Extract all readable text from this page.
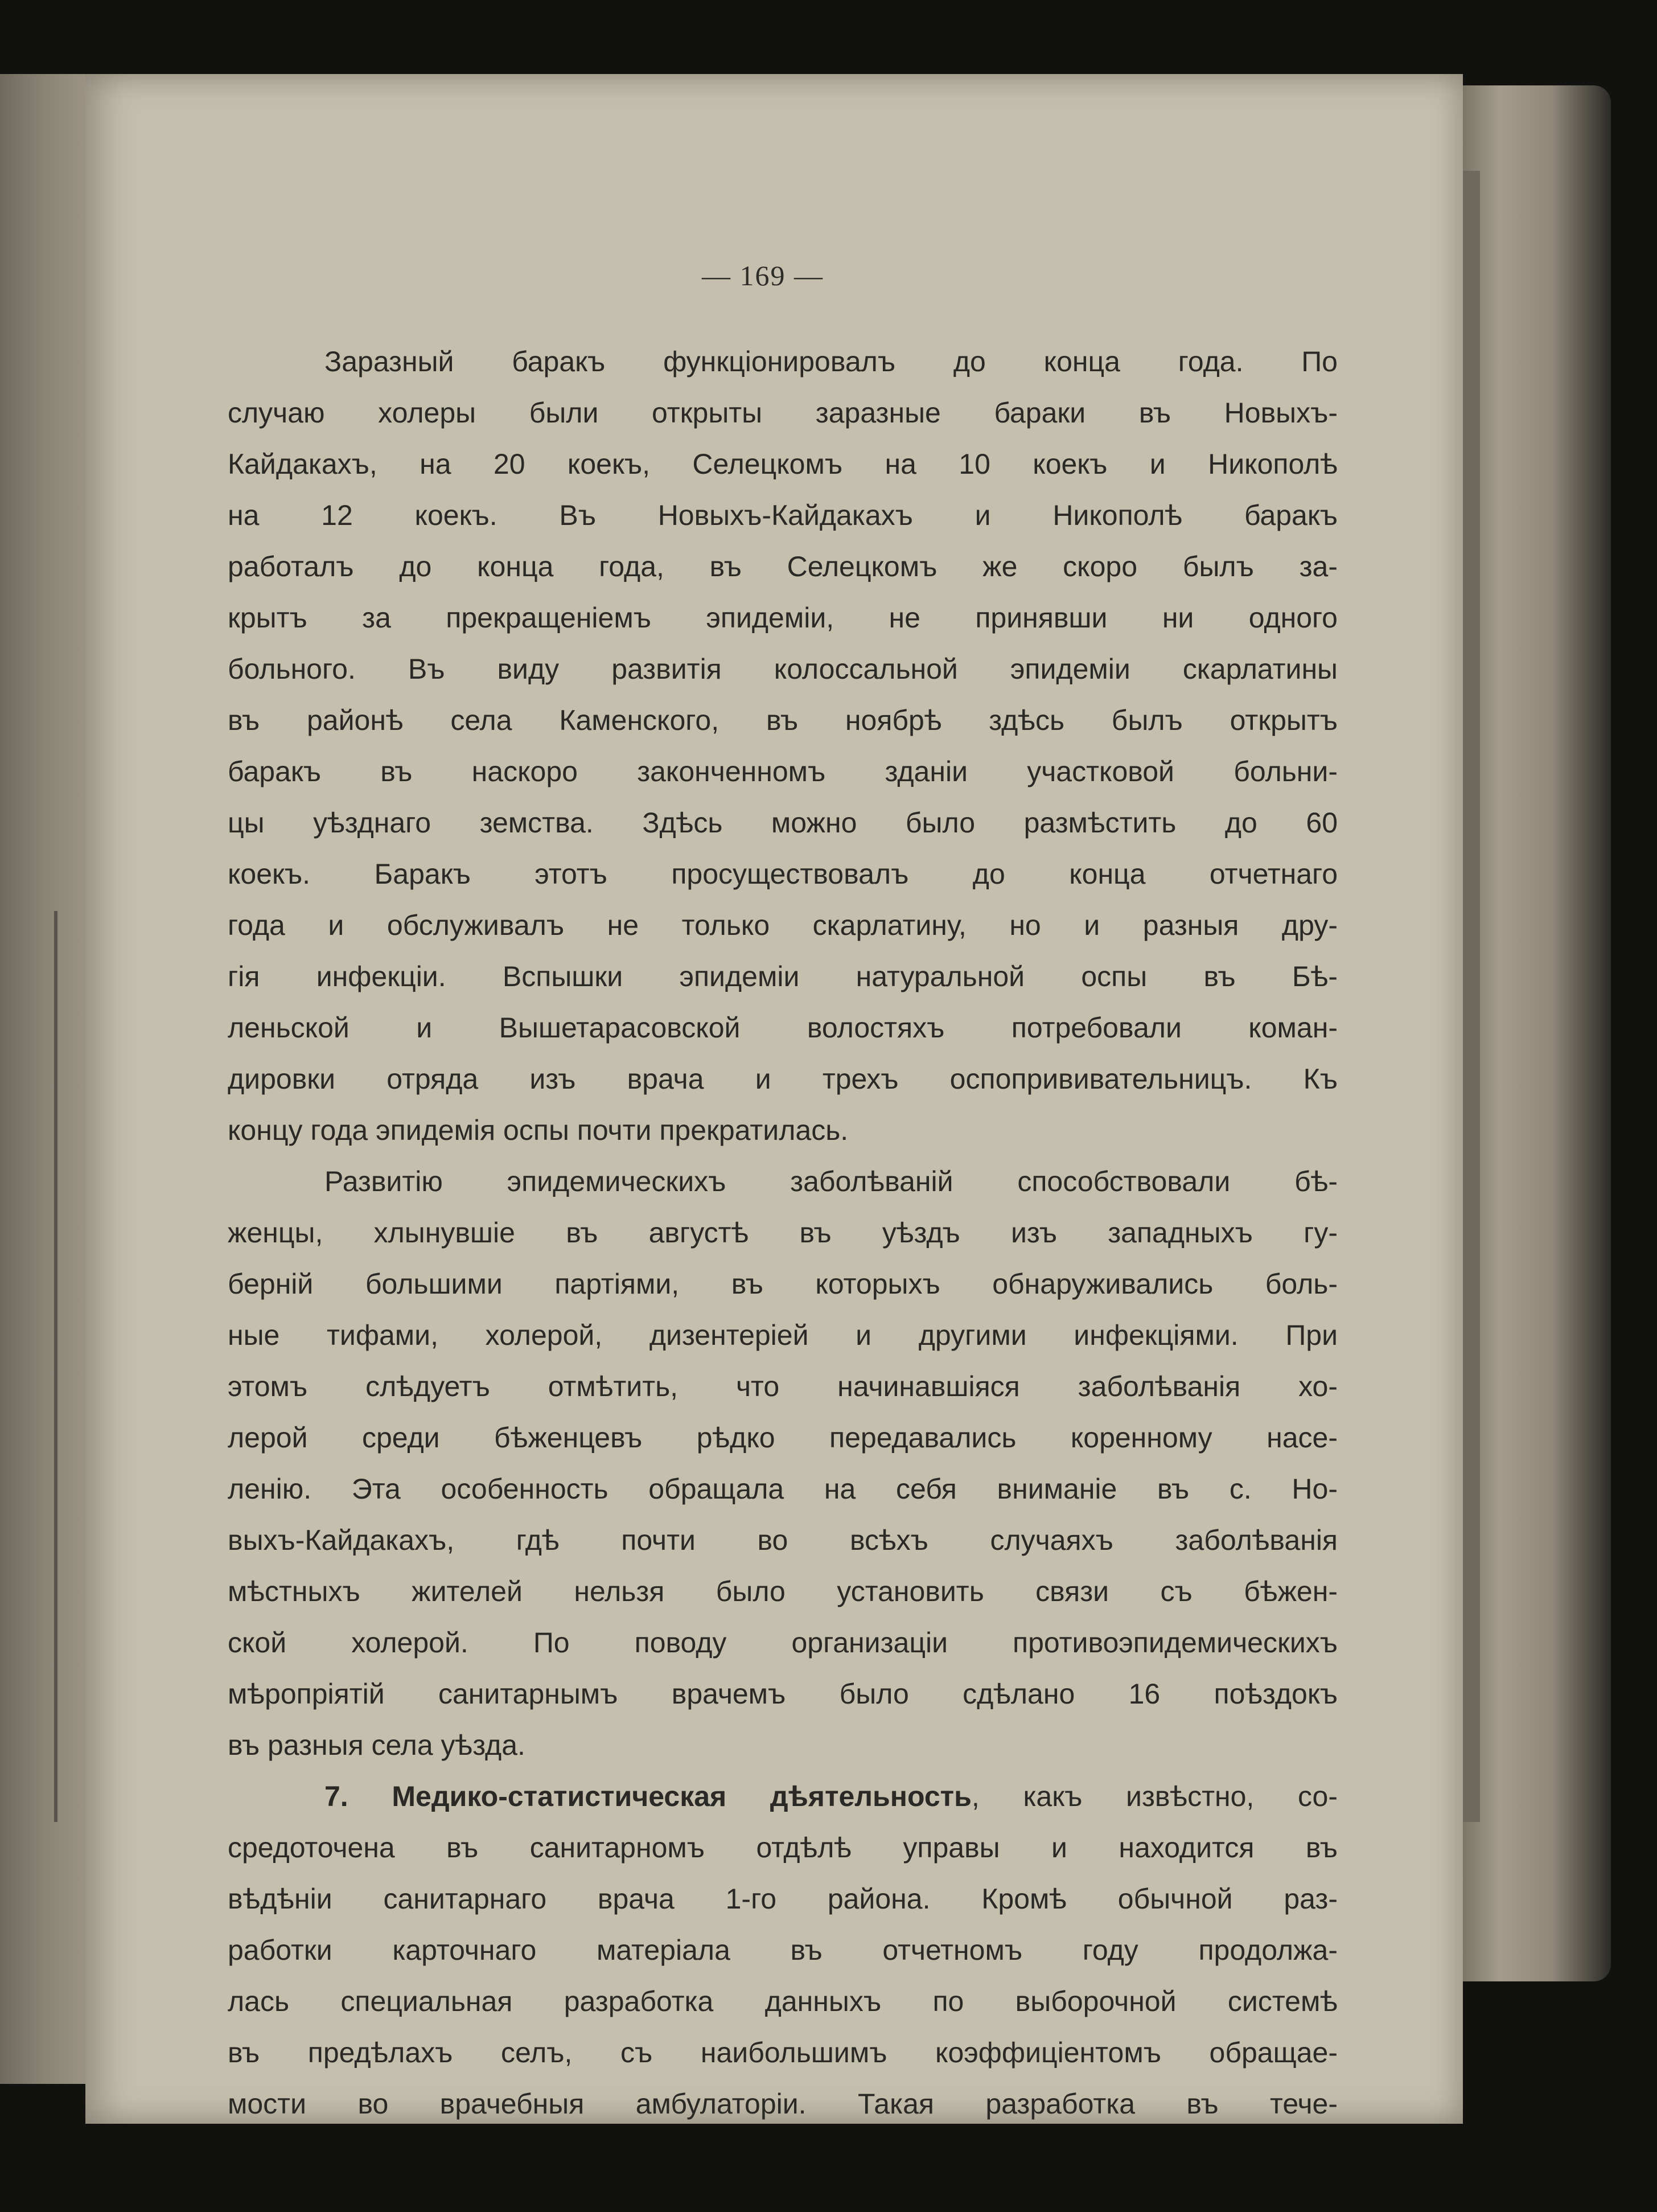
— 169 —
Заразный баракъ функціонировалъ до конца года. По
случаю холеры были открыты заразные бараки въ Новыхъ-
Кайдакахъ, на 20 коекъ, Селецкомъ на 10 коекъ и Никополѣ
на 12 коекъ. Въ Новыхъ-Кайдакахъ и Никополѣ баракъ
работалъ до конца года, въ Селецкомъ же скоро былъ за-
крытъ за прекращеніемъ эпидеміи, не принявши ни одного
больного. Въ виду развитія колоссальной эпидеміи скарлатины
въ районѣ села Каменского, въ ноябрѣ здѣсь былъ открытъ
баракъ въ наскоро законченномъ зданіи участковой больни-
цы уѣзднаго земства. Здѣсь можно было размѣстить до 60
коекъ. Баракъ этотъ просуществовалъ до конца отчетнаго
года и обслуживалъ не только скарлатину, но и разныя дру-
гія инфекціи. Вспышки эпидеміи натуральной оспы въ Бѣ-
леньской и Вышетарасовской волостяхъ потребовали коман-
дировки отряда изъ врача и трехъ оспопрививательницъ. Къ
концу года эпидемія оспы почти прекратилась.
Развитію эпидемическихъ заболѣваній способствовали бѣ-
женцы, хлынувшіе въ августѣ въ уѣздъ изъ западныхъ гу-
берній большими партіями, въ которыхъ обнаруживались боль-
ные тифами, холерой, дизентеріей и другими инфекціями. При
этомъ слѣдуетъ отмѣтить, что начинавшіяся заболѣванія хо-
лерой среди бѣженцевъ рѣдко передавались коренному насе-
ленію. Эта особенность обращала на себя вниманіе въ с. Но-
выхъ-Кайдакахъ, гдѣ почти во всѣхъ случаяхъ заболѣванія
мѣстныхъ жителей нельзя было установить связи съ бѣжен-
ской холерой. По поводу организаціи противоэпидемическихъ
мѣропріятій санитарнымъ врачемъ было сдѣлано 16 поѣздокъ
въ разныя села уѣзда.
7. Медико-статистическая дѣятельность, какъ извѣстно, со-
средоточена въ санитарномъ отдѣлѣ управы и находится въ
вѣдѣніи санитарнаго врача 1-го района. Кромѣ обычной раз-
работки карточнаго матеріала въ отчетномъ году продолжа-
лась специальная разработка данныхъ по выборочной системѣ
въ предѣлахъ селъ, съ наибольшимъ коэффиціентомъ обращае-
мости во врачебныя амбулаторіи. Такая разработка въ тече-
